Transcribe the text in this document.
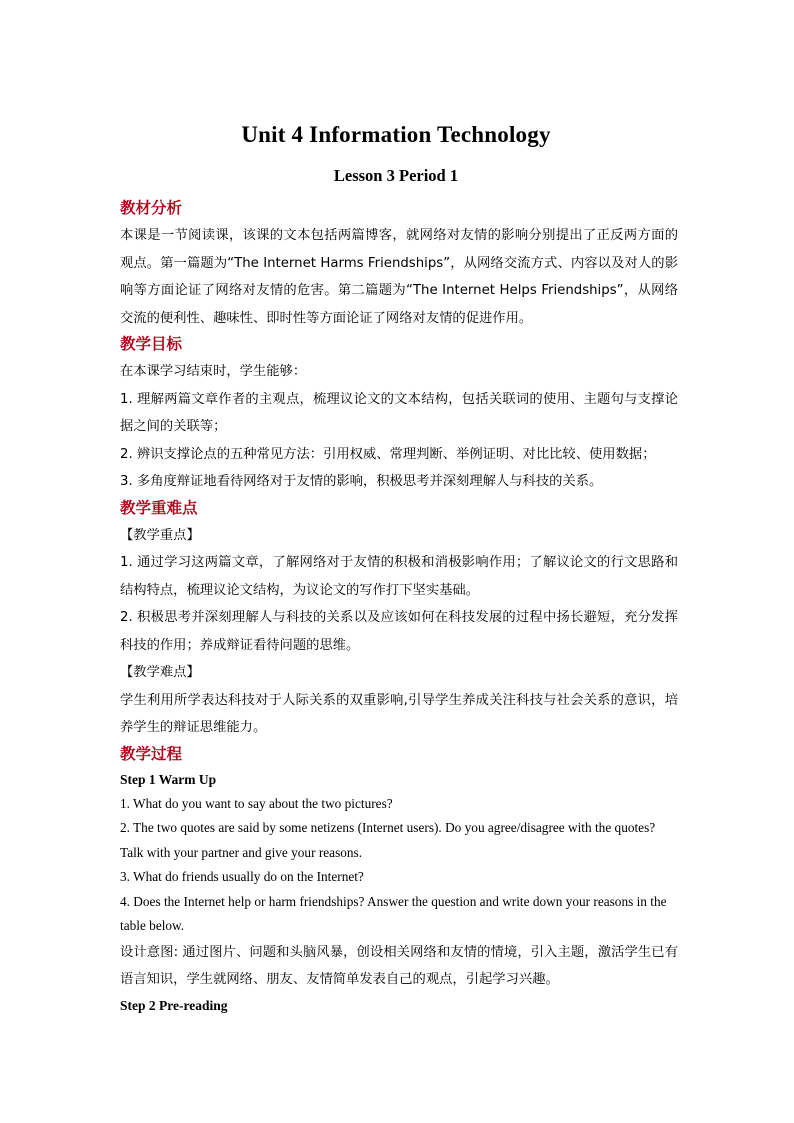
Unit 4 Information Technology
Lesson 3 Period 1

教材分析

本课是一节阅读课，该课的文本包括两篇博客，就网络对友情的影响分别提出了正反两方面的观点。第一篇题为“The Internet Harms Friendships”，从网络交流方式、内容以及对人的影响等方面论证了网络对友情的危害。第二篇题为“The Internet Helps Friendships”，从网络交流的便利性、趣味性、即时性等方面论证了网络对友情的促进作用。

教学目标

在本课学习结束时，学生能够：

1. 理解两篇文章作者的主观点，梳理议论文的文本结构，包括关联词的使用、主题句与支撑论据之间的关联等；

2. 辨识支撑论点的五种常见方法：引用权威、常理判断、举例证明、对比比较、使用数据；

3. 多角度辩证地看待网络对于友情的影响，积极思考并深刻理解人与科技的关系。

教学重难点

【教学重点】

1. 通过学习这两篇文章，了解网络对于友情的积极和消极影响作用；了解议论文的行文思路和结构特点，梳理议论文结构，为议论文的写作打下坚实基础。

2. 积极思考并深刻理解人与科技的关系以及应该如何在科技发展的过程中扬长避短，充分发挥科技的作用；养成辩证看待问题的思维。

【教学难点】

学生利用所学表达科技对于人际关系的双重影响,引导学生养成关注科技与社会关系的意识，培养学生的辩证思维能力。

教学过程

Step 1 Warm Up

1. What do you want to say about the two pictures?

2. The two quotes are said by some netizens (Internet users). Do you agree/disagree with the quotes? Talk with your partner and give your reasons.

3. What do friends usually do on the Internet?

4. Does the Internet help or harm friendships? Answer the question and write down your reasons in the table below.

设计意图: 通过图片、问题和头脑风暴，创设相关网络和友情的情境，引入主题，激活学生已有语言知识，学生就网络、朋友、友情简单发表自己的观点，引起学习兴趣。

Step 2 Pre-reading
